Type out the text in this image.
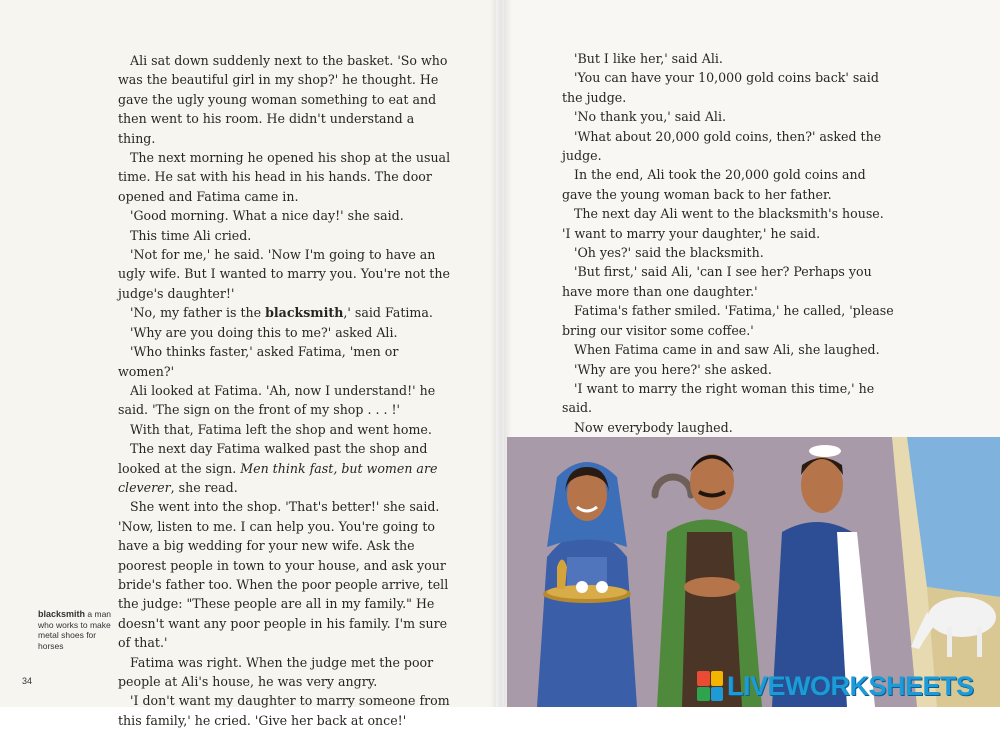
Ali sat down suddenly next to the basket. 'So who was the beautiful girl in my shop?' he thought. He gave the ugly young woman something to eat and then went to his room. He didn't understand a thing.

The next morning he opened his shop at the usual time. He sat with his head in his hands. The door opened and Fatima came in.

'Good morning. What a nice day!' she said.

This time Ali cried.

'Not for me,' he said. 'Now I'm going to have an ugly wife. But I wanted to marry you. You're not the judge's daughter!'

'No, my father is the blacksmith,' said Fatima.

'Why are you doing this to me?' asked Ali.

'Who thinks faster,' asked Fatima, 'men or women?'

Ali looked at Fatima. 'Ah, now I understand!' he said. 'The sign on the front of my shop . . . !'

With that, Fatima left the shop and went home.

The next day Fatima walked past the shop and looked at the sign. Men think fast, but women are cleverer, she read.

She went into the shop. 'That's better!' she said. 'Now, listen to me. I can help you. You're going to have a big wedding for your new wife. Ask the poorest people in town to your house, and ask your bride's father too. When the poor people arrive, tell the judge: "These people are all in my family." He doesn't want any poor people in his family. I'm sure of that.'

Fatima was right. When the judge met the poor people at Ali's house, he was very angry.

'I don't want my daughter to marry someone from this family,' he cried. 'Give her back at once!'

blacksmith a man who works to make metal shoes for horses
34

'But I like her,' said Ali.

'You can have your 10,000 gold coins back' said the judge.

'No thank you,' said Ali.

'What about 20,000 gold coins, then?' asked the judge.

In the end, Ali took the 20,000 gold coins and gave the young woman back to her father.

The next day Ali went to the blacksmith's house. 'I want to marry your daughter,' he said.

'Oh yes?' said the blacksmith.

'But first,' said Ali, 'can I see her? Perhaps you have more than one daughter.'

Fatima's father smiled. 'Fatima,' he called, 'please bring our visitor some coffee.'

When Fatima came in and saw Ali, she laughed.

'Why are you here?' she asked.

'I want to marry the right woman this time,' he said.

Now everybody laughed.

LIVEWORKSHEETS
